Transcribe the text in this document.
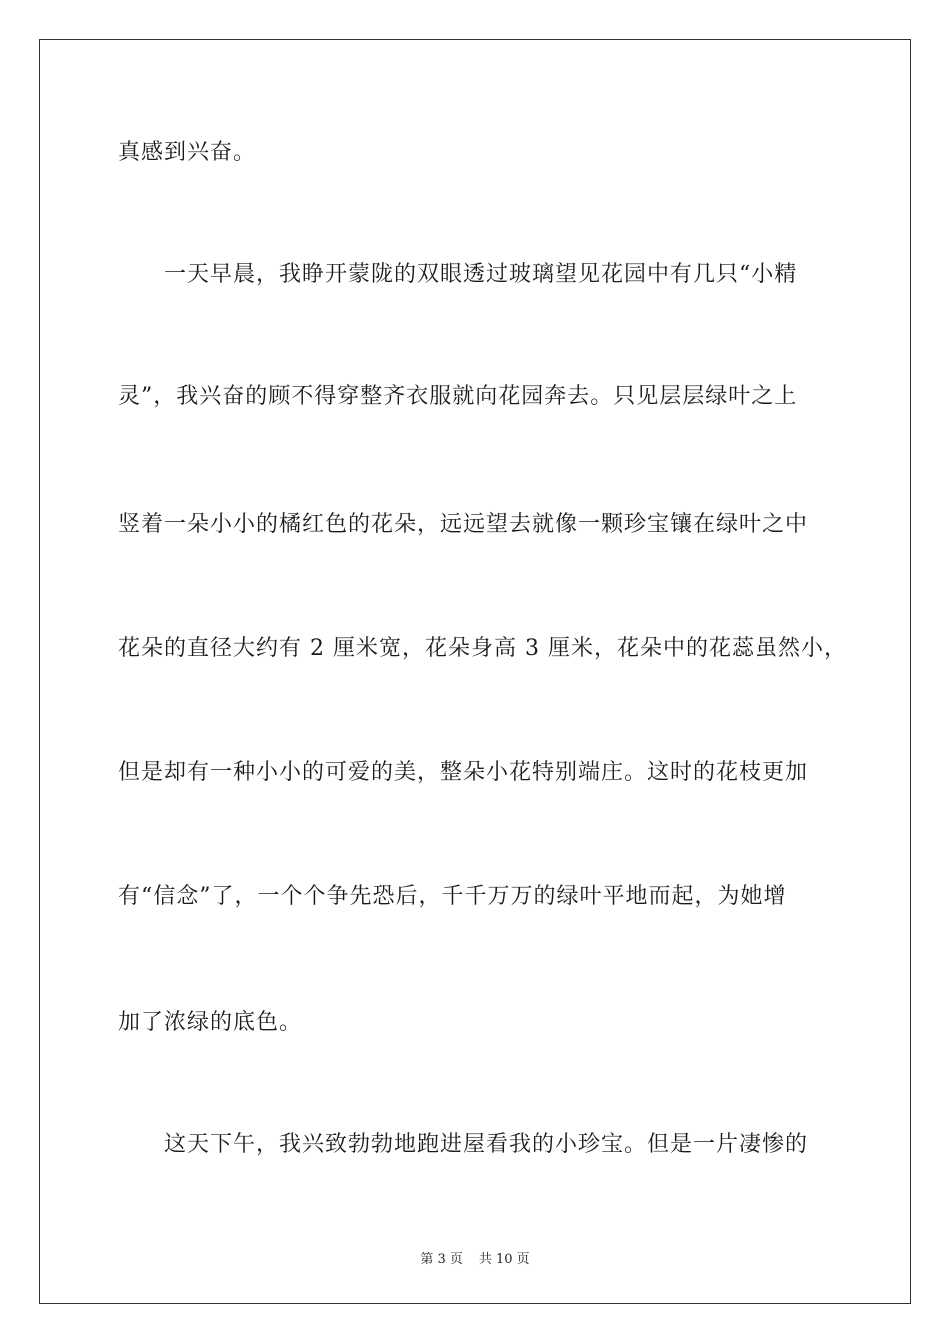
真感到兴奋。
一天早晨，我睁开蒙陇的双眼透过玻璃望见花园中有几只“小精
灵”，我兴奋的顾不得穿整齐衣服就向花园奔去。只见层层绿叶之上
竖着一朵小小的橘红色的花朵，远远望去就像一颗珍宝镶在绿叶之中
花朵的直径大约有 2 厘米宽，花朵身高 3 厘米，花朵中的花蕊虽然小，
但是却有一种小小的可爱的美，整朵小花特别端庄。这时的花枝更加
有“信念”了，一个个争先恐后，千千万万的绿叶平地而起，为她增
加了浓绿的底色。
这天下午，我兴致勃勃地跑进屋看我的小珍宝。但是一片凄惨的
第 3 页 共 10 页
